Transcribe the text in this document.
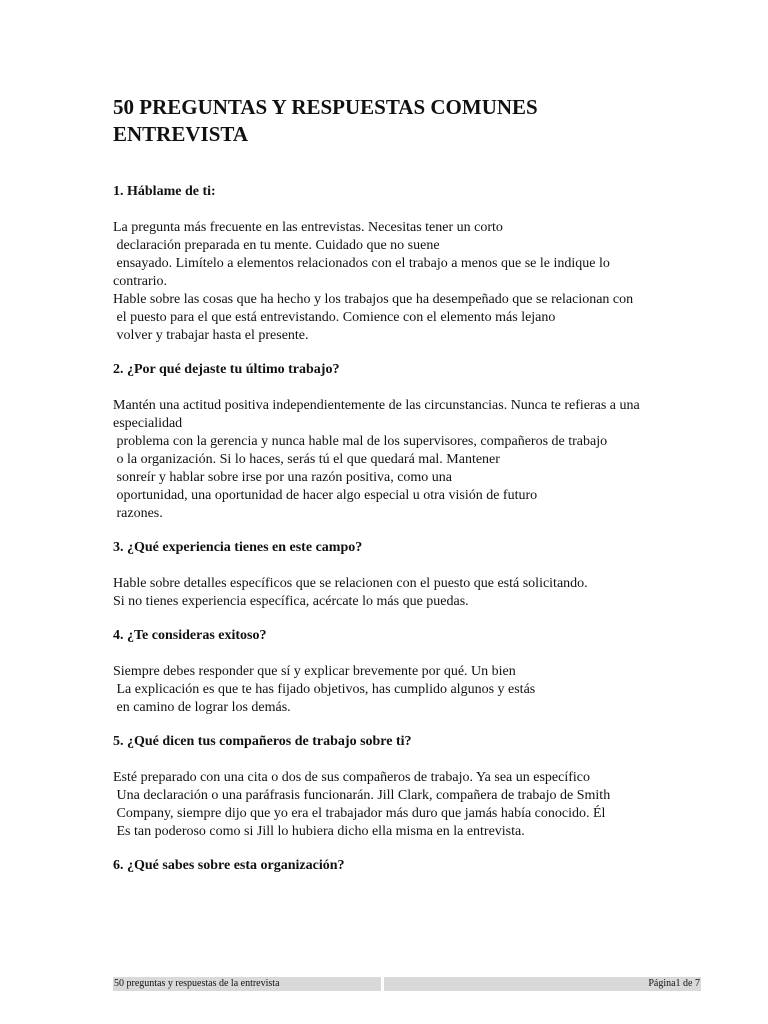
50 PREGUNTAS Y RESPUESTAS COMUNES
ENTREVISTA
1. Háblame de ti:
La pregunta más frecuente en las entrevistas. Necesitas tener un corto
declaración preparada en tu mente. Cuidado que no suene
ensayado. Limítelo a elementos relacionados con el trabajo a menos que se le indique lo
contrario.
Hable sobre las cosas que ha hecho y los trabajos que ha desempeñado que se relacionan con
el puesto para el que está entrevistando. Comience con el elemento más lejano
volver y trabajar hasta el presente.
2. ¿Por qué dejaste tu último trabajo?
Mantén una actitud positiva independientemente de las circunstancias. Nunca te refieras a una
especialidad
problema con la gerencia y nunca hable mal de los supervisores, compañeros de trabajo
o la organización. Si lo haces, serás tú el que quedará mal. Mantener
sonreír y hablar sobre irse por una razón positiva, como una
oportunidad, una oportunidad de hacer algo especial u otra visión de futuro
razones.
3. ¿Qué experiencia tienes en este campo?
Hable sobre detalles específicos que se relacionen con el puesto que está solicitando.
Si no tienes experiencia específica, acércate lo más que puedas.
4. ¿Te consideras exitoso?
Siempre debes responder que sí y explicar brevemente por qué. Un bien
La explicación es que te has fijado objetivos, has cumplido algunos y estás
en camino de lograr los demás.
5. ¿Qué dicen tus compañeros de trabajo sobre ti?
Esté preparado con una cita o dos de sus compañeros de trabajo. Ya sea un específico
Una declaración o una paráfrasis funcionarán. Jill Clark, compañera de trabajo de Smith
Company, siempre dijo que yo era el trabajador más duro que jamás había conocido. Él
Es tan poderoso como si Jill lo hubiera dicho ella misma en la entrevista.
6. ¿Qué sabes sobre esta organización?
50 preguntas y respuestas de la entrevista	Página1 de 7
